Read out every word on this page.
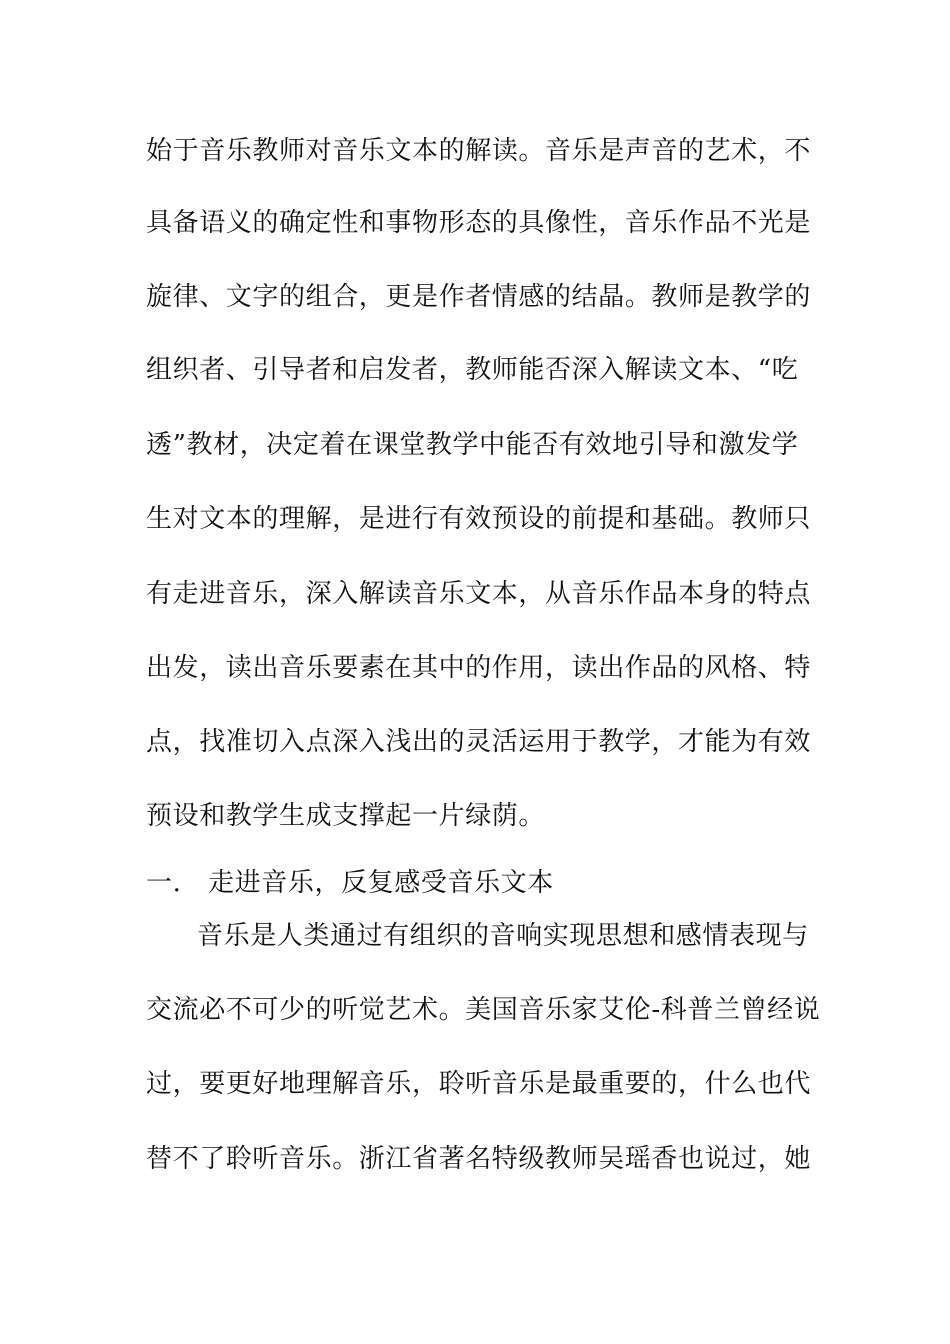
始于音乐教师对音乐文本的解读。音乐是声音的艺术，不
具备语义的确定性和事物形态的具像性，音乐作品不光是
旋律、文字的组合，更是作者情感的结晶。教师是教学的
组织者、引导者和启发者，教师能否深入解读文本、“吃
透”教材，决定着在课堂教学中能否有效地引导和激发学
生对文本的理解，是进行有效预设的前提和基础。教师只
有走进音乐，深入解读音乐文本，从音乐作品本身的特点
出发，读出音乐要素在其中的作用，读出作品的风格、特
点，找准切入点深入浅出的灵活运用于教学，才能为有效
预设和教学生成支撑起一片绿荫。
一.　走进音乐，反复感受音乐文本
音乐是人类通过有组织的音响实现思想和感情表现与
交流必不可少的听觉艺术。美国音乐家艾伦-科普兰曾经说
过，要更好地理解音乐，聆听音乐是最重要的，什么也代
替不了聆听音乐。浙江省著名特级教师吴瑶香也说过，她
